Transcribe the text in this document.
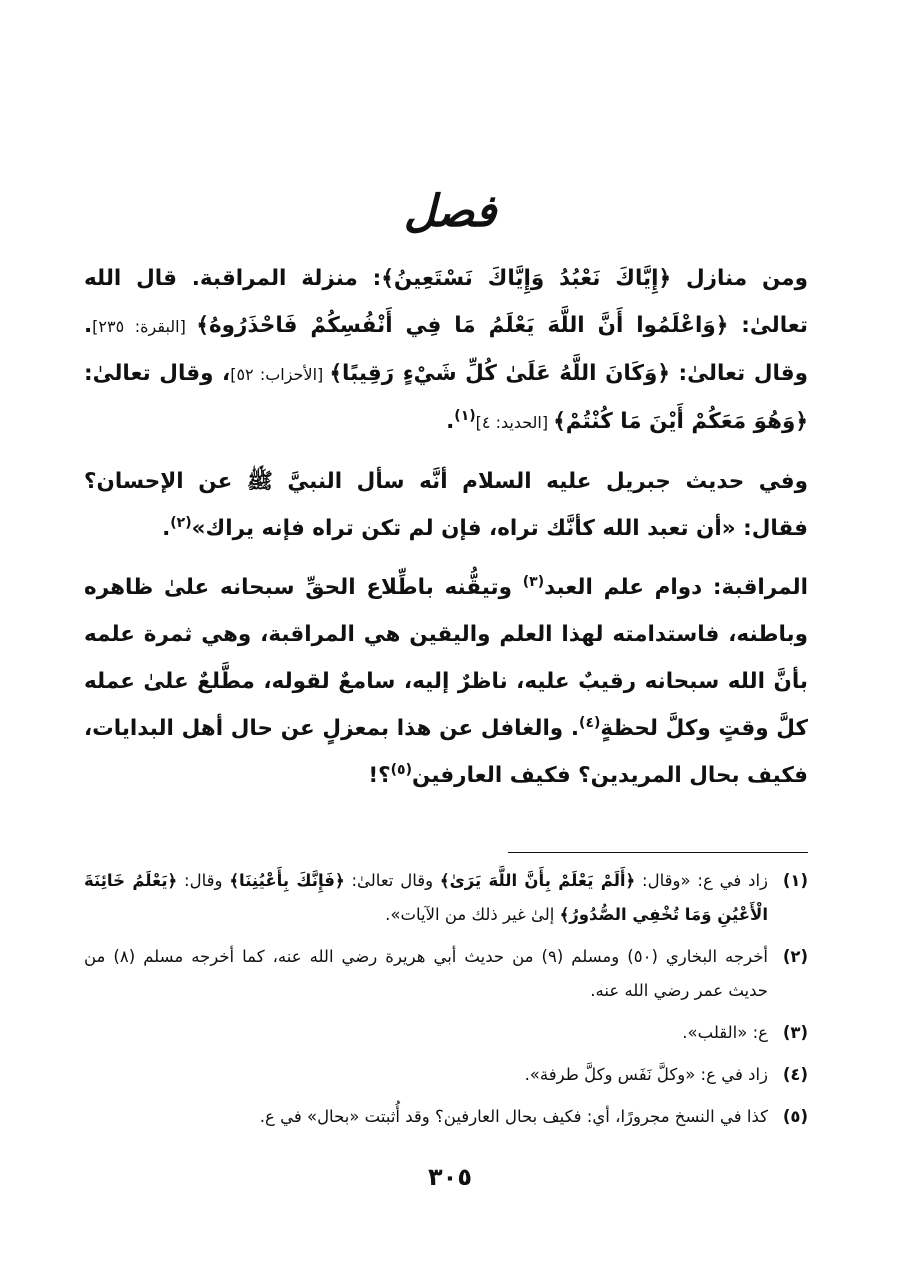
فصل

ومن منازل ﴿إِيَّاكَ نَعْبُدُ وَإِيَّاكَ نَسْتَعِينُ﴾: منزلة المراقبة. قال الله تعالىٰ: ﴿وَاعْلَمُوا أَنَّ اللَّهَ يَعْلَمُ مَا فِي أَنْفُسِكُمْ فَاحْذَرُوهُ﴾ [البقرة: ٢٣٥]. وقال تعالىٰ: ﴿وَكَانَ اللَّهُ عَلَىٰ كُلِّ شَيْءٍ رَقِيبًا﴾ [الأحزاب: ٥٢]، وقال تعالىٰ: ﴿وَهُوَ مَعَكُمْ أَيْنَ مَا كُنْتُمْ﴾ [الحديد: ٤]$^{(١)}$.

وفي حديث جبريل عليه السلام أنَّه سأل النبيَّ ﷺ عن الإحسان؟ فقال: «أن تعبد الله كأنَّك تراه، فإن لم تكن تراه فإنه يراك»$^{(٢)}$.

المراقبة: دوام علم العبد$^{(٣)}$ وتيقُّنه باطِّلاع الحقِّ سبحانه علىٰ ظاهره وباطنه، فاستدامته لهذا العلم واليقين هي المراقبة، وهي ثمرة علمه بأنَّ الله سبحانه رقيبٌ عليه، ناظرٌ إليه، سامعٌ لقوله، مطَّلعٌ علىٰ عمله كلَّ وقتٍ وكلَّ لحظةٍ$^{(٤)}$. والغافل عن هذا بمعزلٍ عن حال أهل البدايات، فكيف بحال المريدين؟ فكيف العارفين$^{(٥)}$؟!

(١)
زاد في ع: «وقال: ﴿أَلَمْ يَعْلَمْ بِأَنَّ اللَّهَ يَرَىٰ﴾ وقال تعالىٰ: ﴿فَإِنَّكَ بِأَعْيُنِنَا﴾ وقال: ﴿يَعْلَمُ خَائِنَةَ الْأَعْيُنِ وَمَا تُخْفِي الصُّدُورُ﴾ إلىٰ غير ذلك من الآيات».
(٢)
أخرجه البخاري (٥٠) ومسلم (٩) من حديث أبي هريرة رضي الله عنه، كما أخرجه مسلم (٨) من حديث عمر رضي الله عنه.
(٣)
ع: «القلب».
(٤)
زاد في ع: «وكلَّ نَفَس وكلَّ طرفة».
(٥)
كذا في النسخ مجرورًا، أي: فكيف بحال العارفين؟ وقد أُثبتت «بحال» في ع.
٣٠٥
